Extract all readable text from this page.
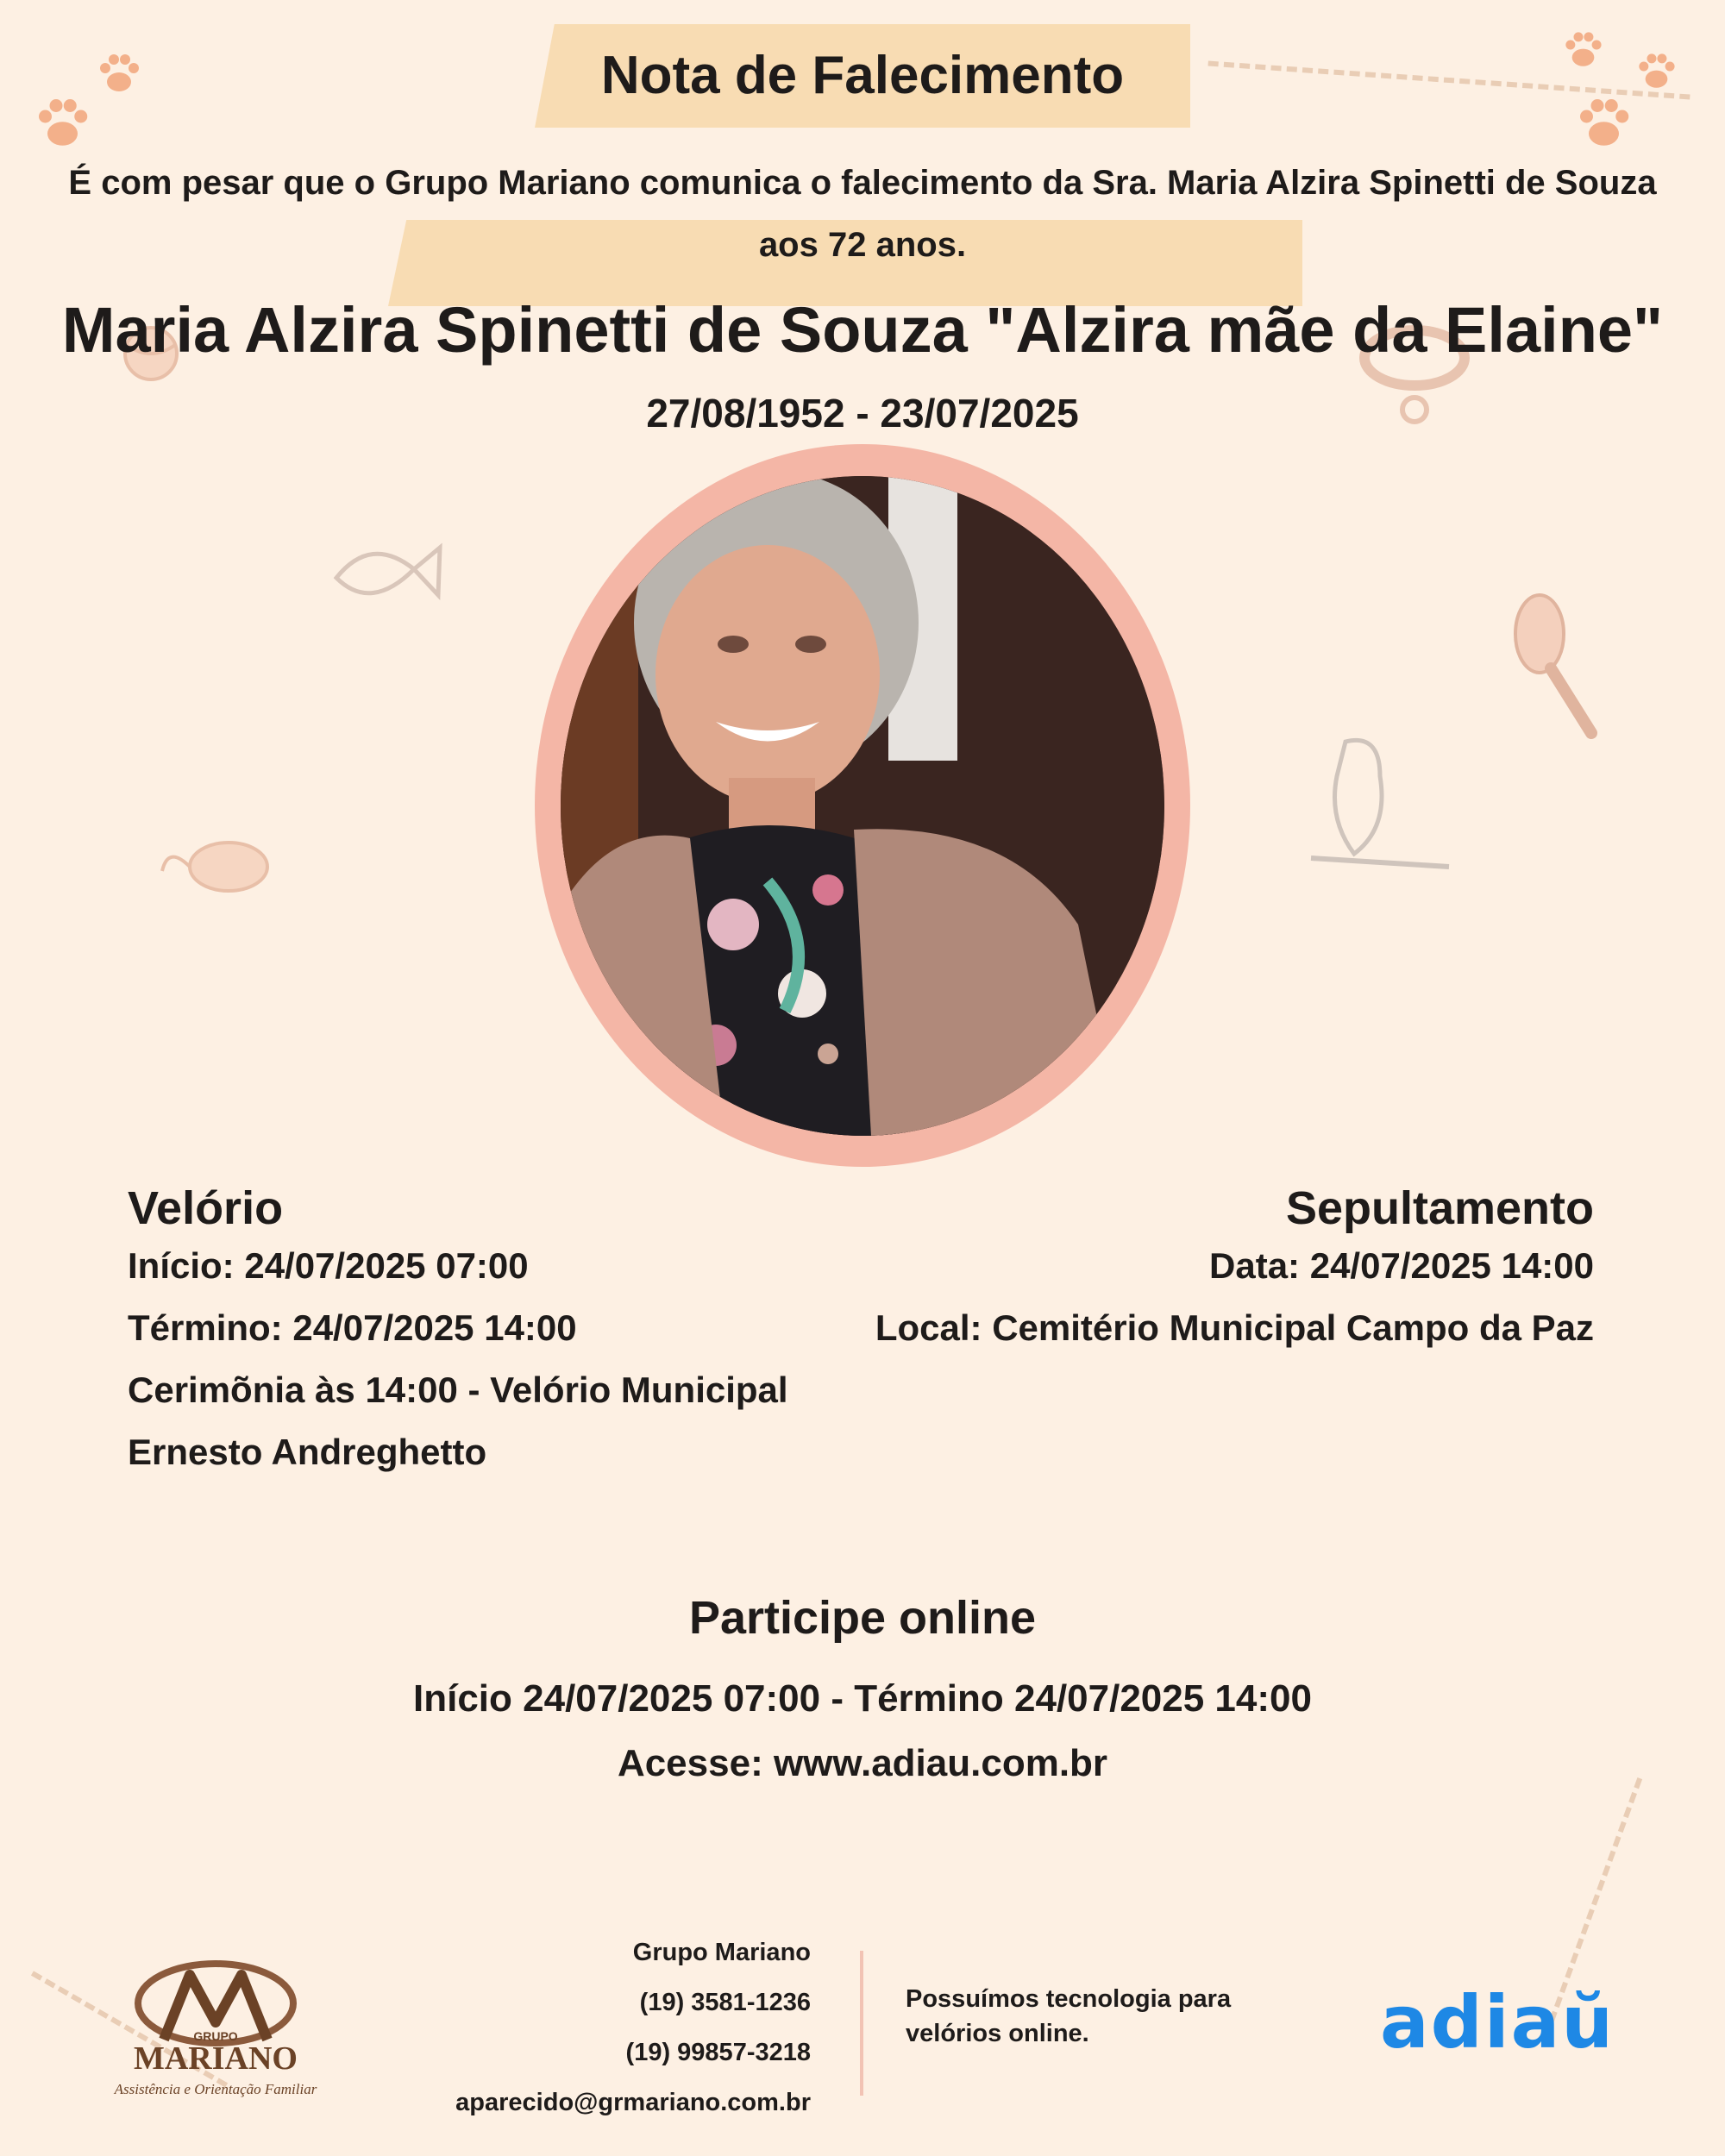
Nota de Falecimento
É com pesar que o Grupo Mariano comunica o falecimento da Sra. Maria Alzira Spinetti de Souza aos 72 anos.
Maria Alzira Spinetti de Souza "Alzira mãe da Elaine"
27/08/1952 - 23/07/2025
Velório
Início: 24/07/2025 07:00
Término: 24/07/2025 14:00
Cerimõnia às 14:00 - Velório Municipal
Ernesto Andreghetto
Sepultamento
Data: 24/07/2025 14:00
Local: Cemitério Municipal Campo da Paz
Participe online
Início 24/07/2025 07:00 - Término 24/07/2025 14:00
Acesse: www.adiau.com.br
GRUPO
MARIANO
Assistência e Orientação Familiar
Grupo Mariano
(19) 3581-1236
(19) 99857-3218
aparecido@grmariano.com.br
Possuímos tecnologia para velórios online.	adiaŭ
